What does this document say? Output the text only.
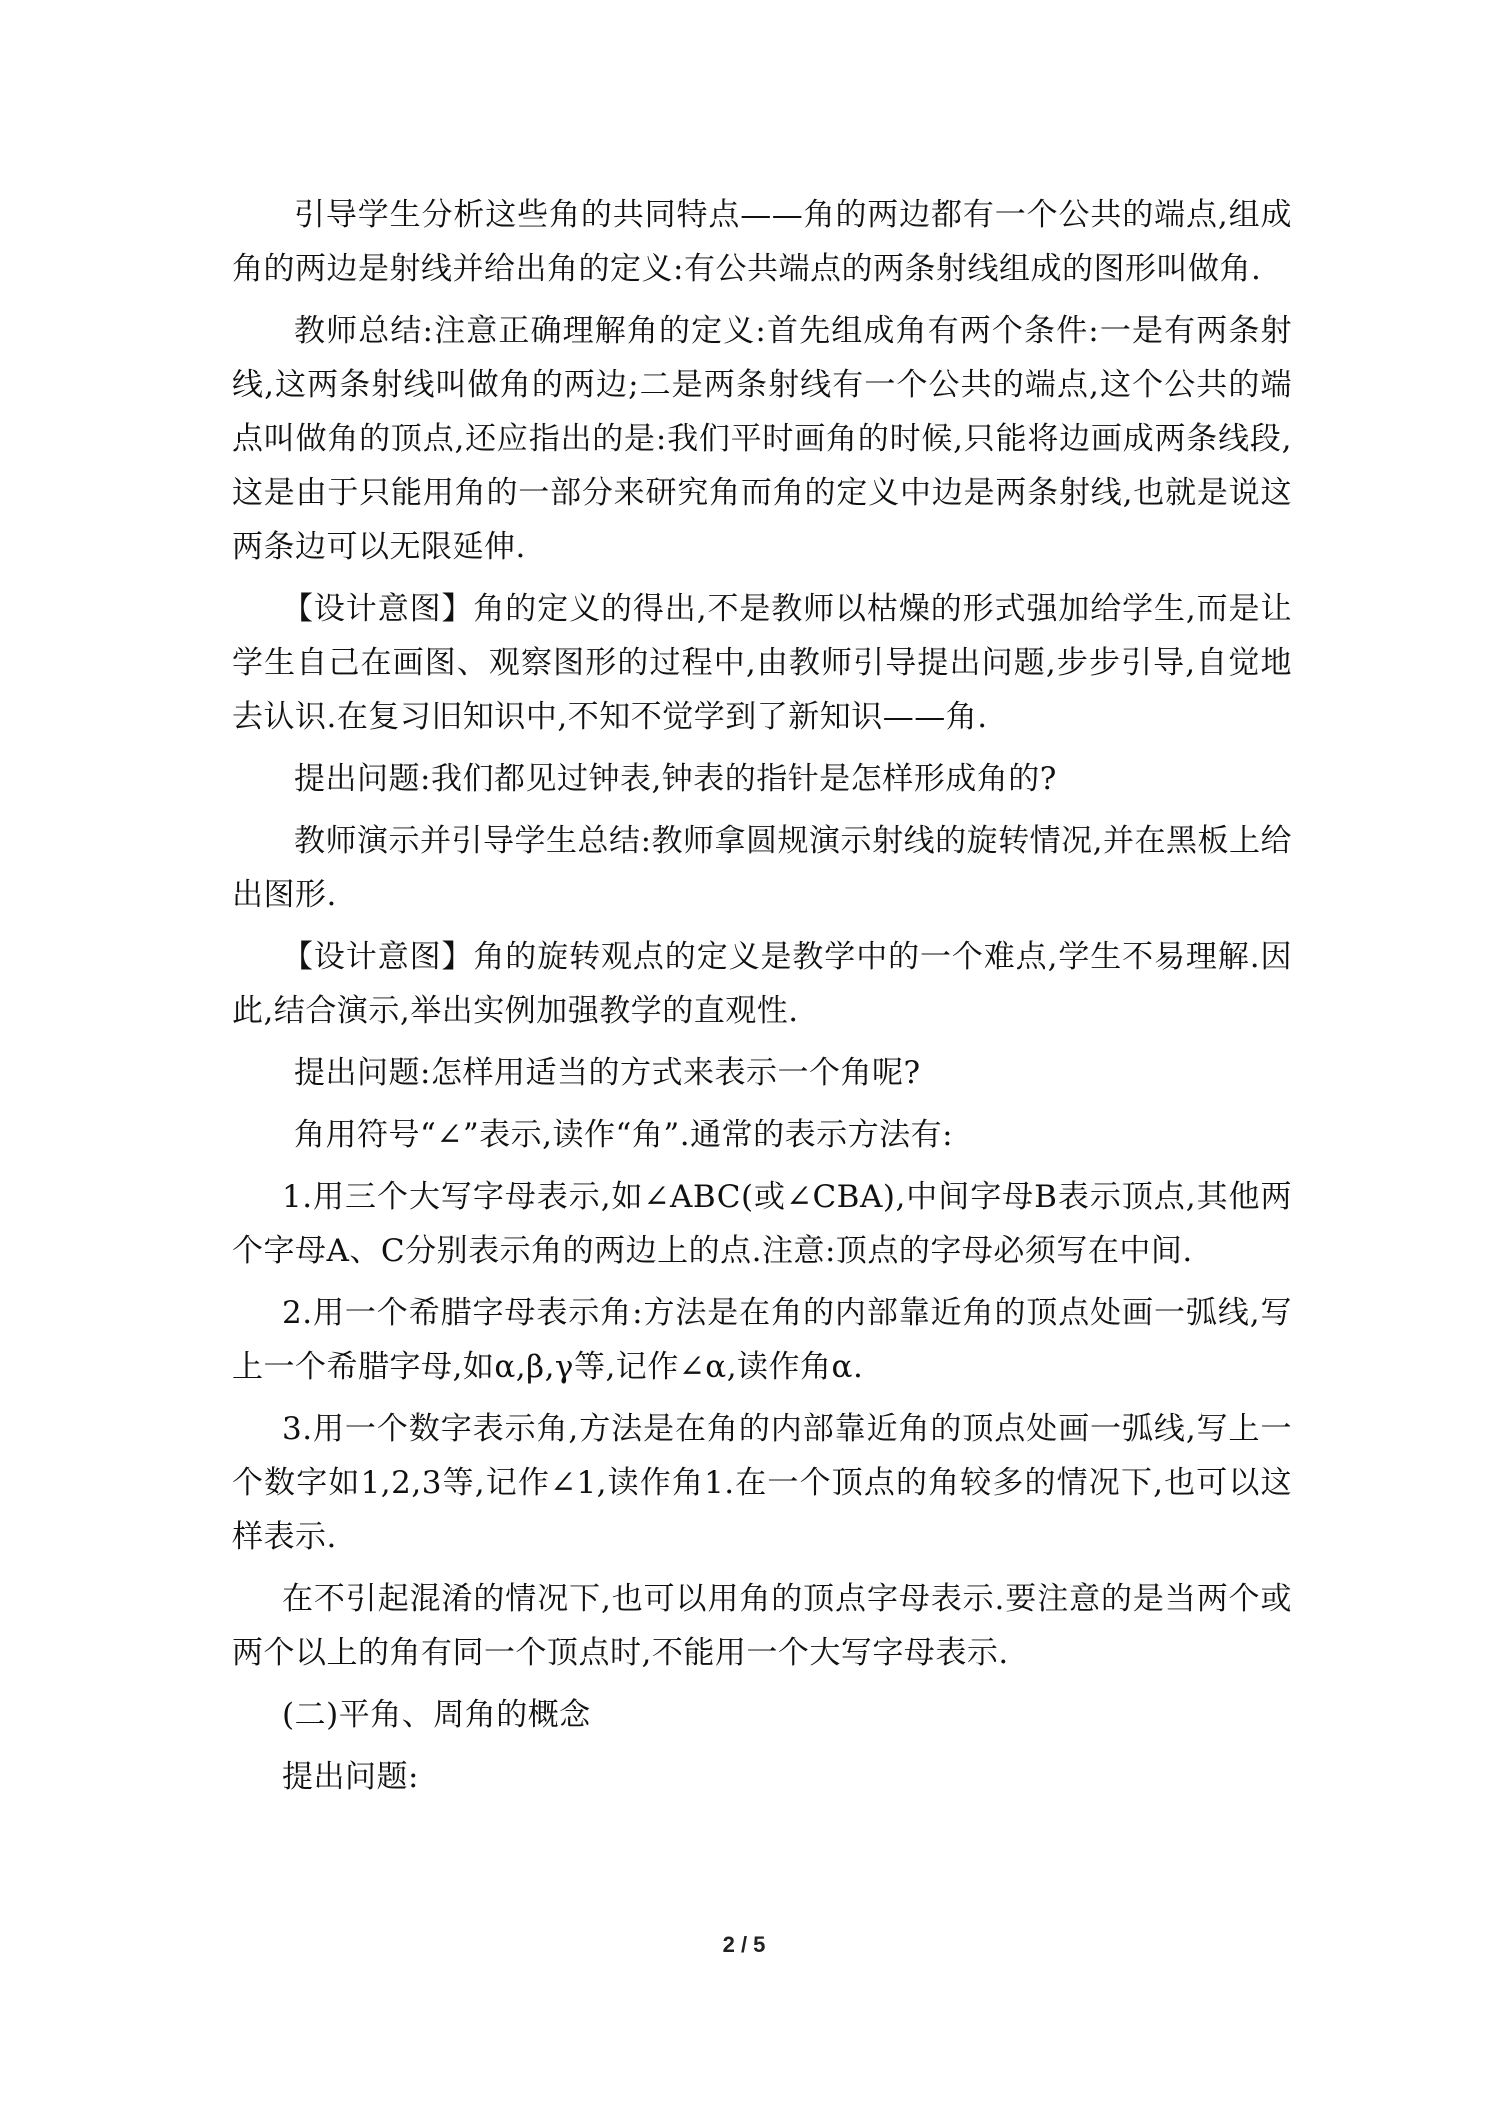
引导学生分析这些角的共同特点——角的两边都有一个公共的端点,组成角的两边是射线并给出角的定义:有公共端点的两条射线组成的图形叫做角.

教师总结:注意正确理解角的定义:首先组成角有两个条件:一是有两条射线,这两条射线叫做角的两边;二是两条射线有一个公共的端点,这个公共的端点叫做角的顶点,还应指出的是:我们平时画角的时候,只能将边画成两条线段,这是由于只能用角的一部分来研究角而角的定义中边是两条射线,也就是说这两条边可以无限延伸.

【设计意图】角的定义的得出,不是教师以枯燥的形式强加给学生,而是让学生自己在画图、观察图形的过程中,由教师引导提出问题,步步引导,自觉地去认识.在复习旧知识中,不知不觉学到了新知识——角.

提出问题:我们都见过钟表,钟表的指针是怎样形成角的?

教师演示并引导学生总结:教师拿圆规演示射线的旋转情况,并在黑板上给出图形.

【设计意图】角的旋转观点的定义是教学中的一个难点,学生不易理解.因此,结合演示,举出实例加强教学的直观性.

提出问题:怎样用适当的方式来表示一个角呢?

角用符号“∠”表示,读作“角”.通常的表示方法有:

1.用三个大写字母表示,如∠ABC(或∠CBA),中间字母B表示顶点,其他两个字母A、C分别表示角的两边上的点.注意:顶点的字母必须写在中间.

2.用一个希腊字母表示角:方法是在角的内部靠近角的顶点处画一弧线,写上一个希腊字母,如α,β,γ等,记作∠α,读作角α.

3.用一个数字表示角,方法是在角的内部靠近角的顶点处画一弧线,写上一个数字如1,2,3等,记作∠1,读作角1.在一个顶点的角较多的情况下,也可以这样表示.

在不引起混淆的情况下,也可以用角的顶点字母表示.要注意的是当两个或两个以上的角有同一个顶点时,不能用一个大写字母表示.

(二)平角、周角的概念

提出问题:

2 / 5
